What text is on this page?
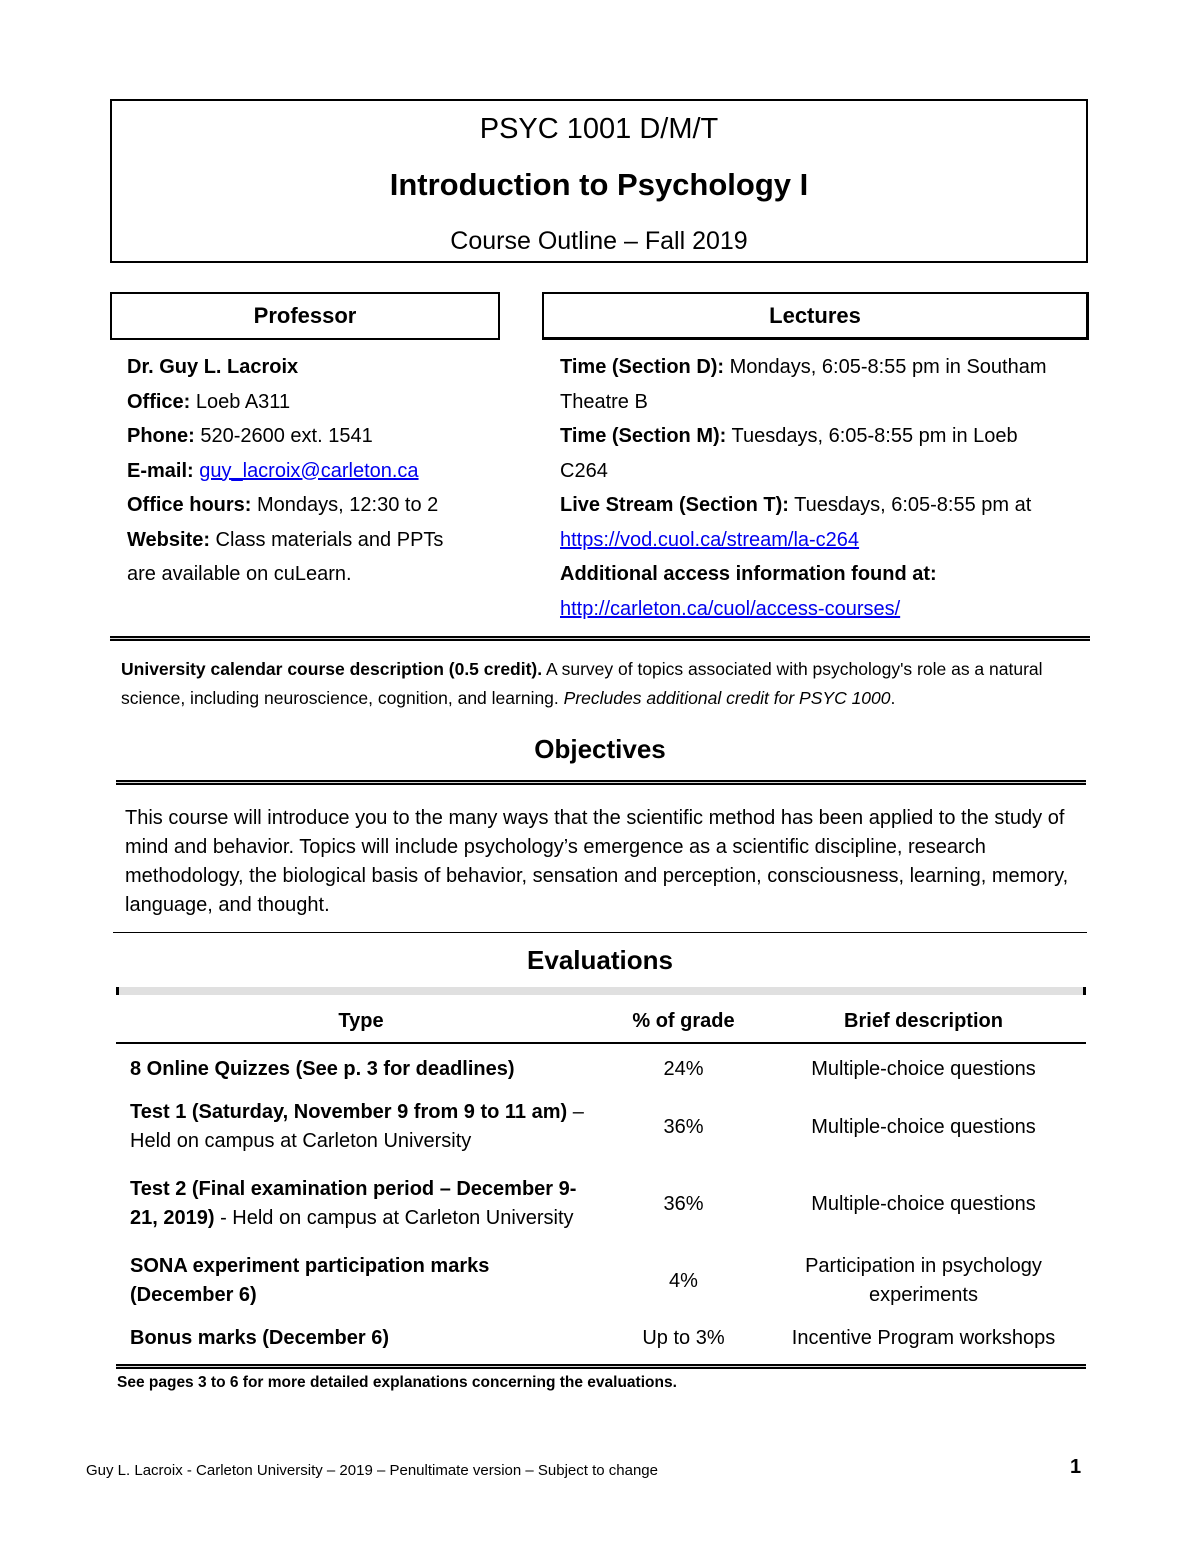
PSYC 1001 D/M/T
Introduction to Psychology I
Course Outline – Fall 2019
Professor
Dr. Guy L. Lacroix
Office: Loeb A311
Phone: 520-2600 ext. 1541
E-mail: guy_lacroix@carleton.ca
Office hours: Mondays, 12:30 to 2
Website: Class materials and PPTs
are available on cuLearn.
Lectures
Time (Section D): Mondays, 6:05-8:55 pm in Southam
Theatre B
Time (Section M): Tuesdays, 6:05-8:55 pm in Loeb
C264
Live Stream (Section T): Tuesdays, 6:05-8:55 pm at
https://vod.cuol.ca/stream/la-c264
Additional access information found at:
http://carleton.ca/cuol/access-courses/
University calendar course description (0.5 credit). A survey of topics associated with psychology's role as a natural science, including neuroscience, cognition, and learning. Precludes additional credit for PSYC 1000.
Objectives
This course will introduce you to the many ways that the scientific method has been applied to the study of mind and behavior. Topics will include psychology’s emergence as a scientific discipline, research methodology, the biological basis of behavior, sensation and perception, consciousness, learning, memory, language, and thought.
Evaluations
Type	% of grade	Brief description
8 Online Quizzes (See p. 3 for deadlines)	24%	Multiple-choice questions
Test 1 (Saturday, November 9 from 9 to 11 am) – Held on campus at Carleton University	36%	Multiple-choice questions
Test 2 (Final examination period – December 9-21, 2019) - Held on campus at Carleton University	36%	Multiple-choice questions
SONA experiment participation marks (December 6)	4%	Participation in psychology experiments
Bonus marks (December 6)	Up to 3%	Incentive Program workshops
See pages 3 to 6 for more detailed explanations concerning the evaluations.
Guy L. Lacroix - Carleton University – 2019 – Penultimate version – Subject to change	1
